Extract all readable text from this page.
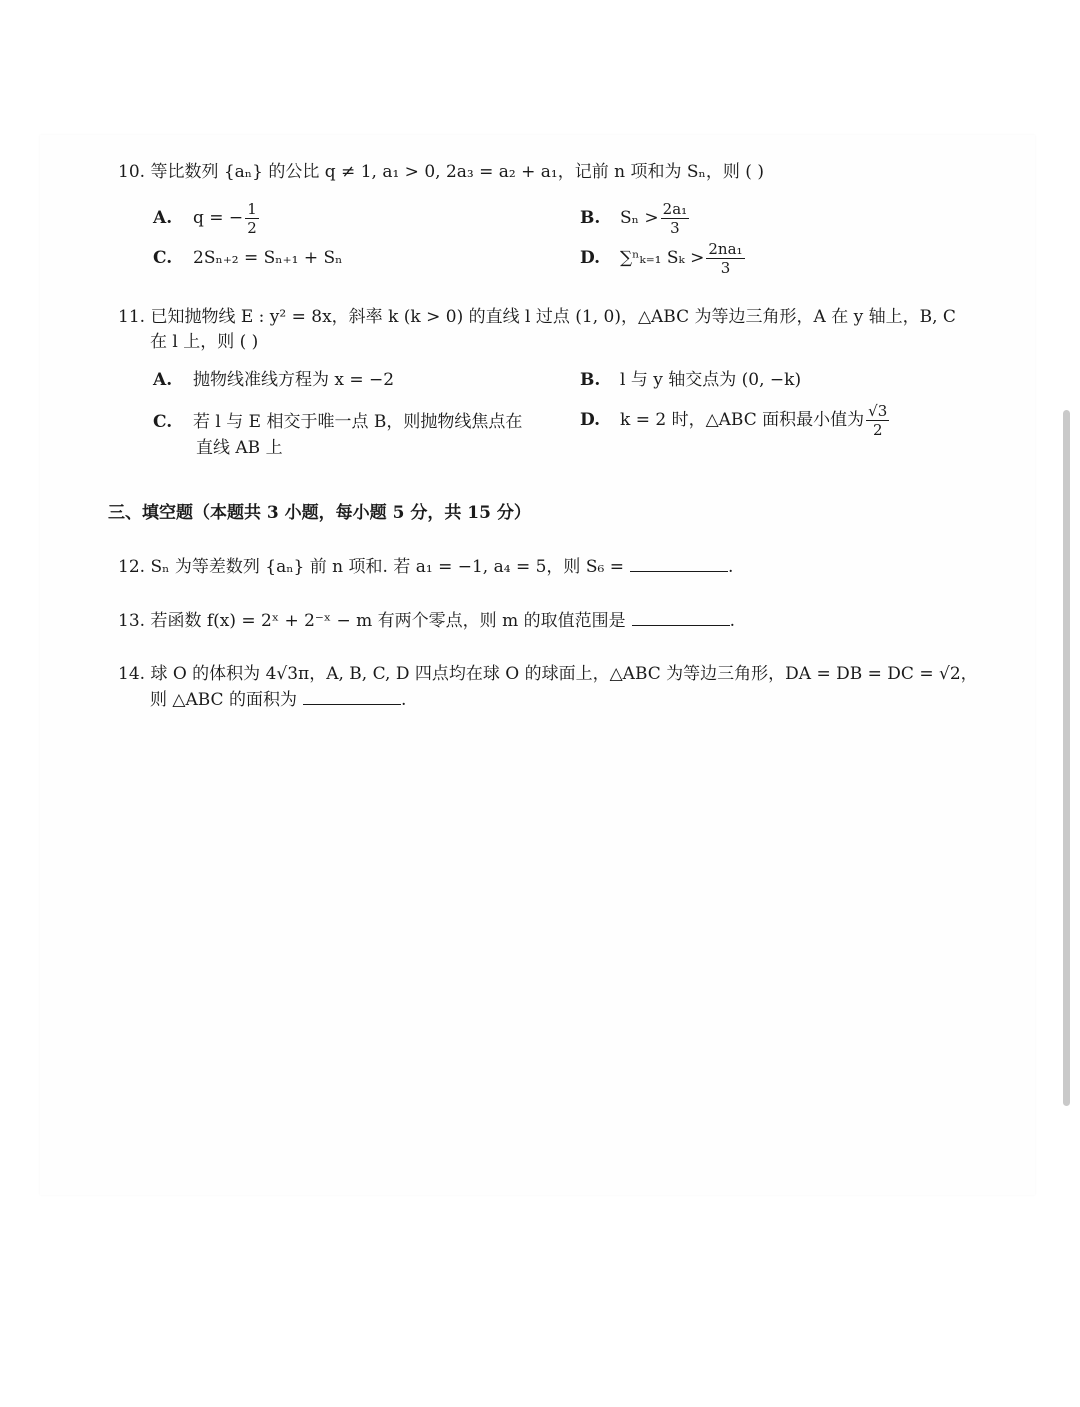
10. 等比数列 {aₙ} 的公比 q ≠ 1, a₁ > 0, 2a₃ = a₂ + a₁，记前 n 项和为 Sₙ，则 ( )
A. q = − $\frac{1}{2}$	B. $S_n > \frac{\text{2a₁}}{3}$
C. 2Sₙ₊₂ = Sₙ₊₁ + Sₙ	D. ∑ⁿₖ₌₁ $S_k > \frac{\text{2na₁}}{3}$
11. 已知抛物线 E : y² = 8x，斜率 k (k > 0) 的直线 l 过点 (1, 0)，△ABC 为等边三角形，A 在 y 轴上，B, C
在 l 上，则 ( )
A. 抛物线准线方程为 x = −2	B. l 与 y 轴交点为 (0, −k)
C. 若 l 与 E 相交于唯一点 B，则抛物线焦点在
直线 AB 上
D. k = 2 时，△ABC 面积最小值为 $\frac{√3}{2}$
三、填空题（本题共 3 小题，每小题 5 分，共 15 分）
12. Sₙ 为等差数列 {aₙ} 前 n 项和. 若 a₁ = −1, a₄ = 5，则 S₆ =	.
13. 若函数 f(x) = 2ˣ + 2⁻ˣ − m 有两个零点，则 m 的取值范围是	.
14. 球 O 的体积为 4√3π，A, B, C, D 四点均在球 O 的球面上，△ABC 为等边三角形，DA = DB = DC = √2，
则 △ABC 的面积为	.
